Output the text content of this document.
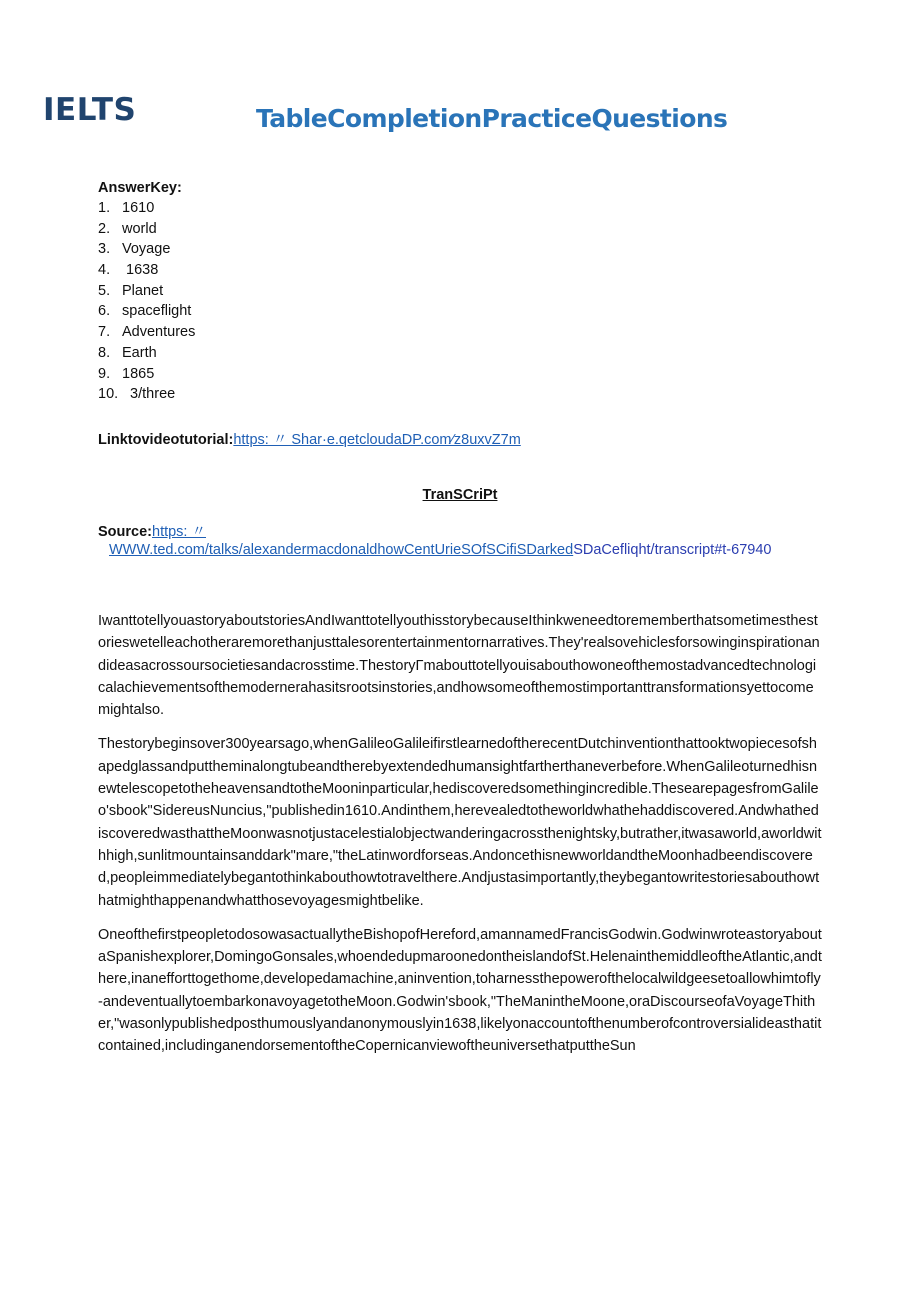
IELTS	TableCompletionPracticeQuestions
AnswerKey:
1. 1610
2. world
3. Voyage
4. 1638
5. Planet
6. spaceflight
7. Adventures
8. Earth
9. 1865
10. 3/three
Linktovideotutorial:https: 〃 Shar·e.qetcloudaDP.com∕z8uxvZ7m
TranSCriPt
Source:https: 〃
WWW.ted.com/talks/alexandermacdonaldhowCentUrieSOfSCifiSDarkedSDaCefliqht/transcript#t-67940

IwanttotellyouastoryaboutstoriesAndIwanttotellyouthisstorybecauseIthinkweneedtorememberthatsometimesthestorieswetelleachotheraremorethanjusttalesorentertainmentornarratives.They'realsovehiclesforsowinginspirationandideasacrossoursocietiesandacrosstime.ThestoryΓmabouttotellyouisabouthowoneofthemostadvancedtechnologicalachievementsofthemodernerahasitsrootsinstories,andhowsomeofthemostimportanttransformationsyettocomemightalso.

Thestorybeginsover300yearsago,whenGalileoGalileifirstlearnedoftherecentDutchinventionthattooktwopiecesofshapedglassandputtheminalongtubeandtherebyextendedhumansightfartherthaneverbefore.WhenGalileoturnedhisnewtelescopetotheheavensandtotheMooninparticular,hediscoveredsomethingincredible.ThesearepagesfromGalileo'sbook"SidereusNuncius,"publishedin1610.Andinthem,herevealedtotheworldwhathehaddiscovered.AndwhathediscoveredwasthattheMoonwasnotjustacelestialobjectwanderingacrossthenightsky,butrather,itwasaworld,aworldwithhigh,sunlitmountainsanddark"mare,"theLatinwordforseas.AndoncethisnewworldandtheMoonhadbeendiscovered,peopleimmediatelybegantothinkabouthowtotravelthere.Andjustasimportantly,theybegantowritestoriesabouthowthatmighthappenandwhatthosevoyagesmightbelike.

OneofthefirstpeopletodosowasactuallytheBishopofHereford,amannamedFrancisGodwin.GodwinwroteastoryaboutaSpanishexplorer,DomingoGonsales,whoendedupmaroonedontheislandofSt.HelenainthemiddleoftheAtlantic,andthere,inanefforttogethome,developedamachine,aninvention,toharnessthepowerofthelocalwildgeesetoallowhimtofly-andeventuallytoembarkonavoyagetotheMoon.Godwin'sbook,"TheManintheMoone,oraDiscourseofaVoyageThither,"wasonlypublishedposthumouslyandanonymouslyin1638,likelyonaccountofthenumberofcontroversialideasthatitcontained,includinganendorsementoftheCopernicanviewoftheuniversethatputtheSun
